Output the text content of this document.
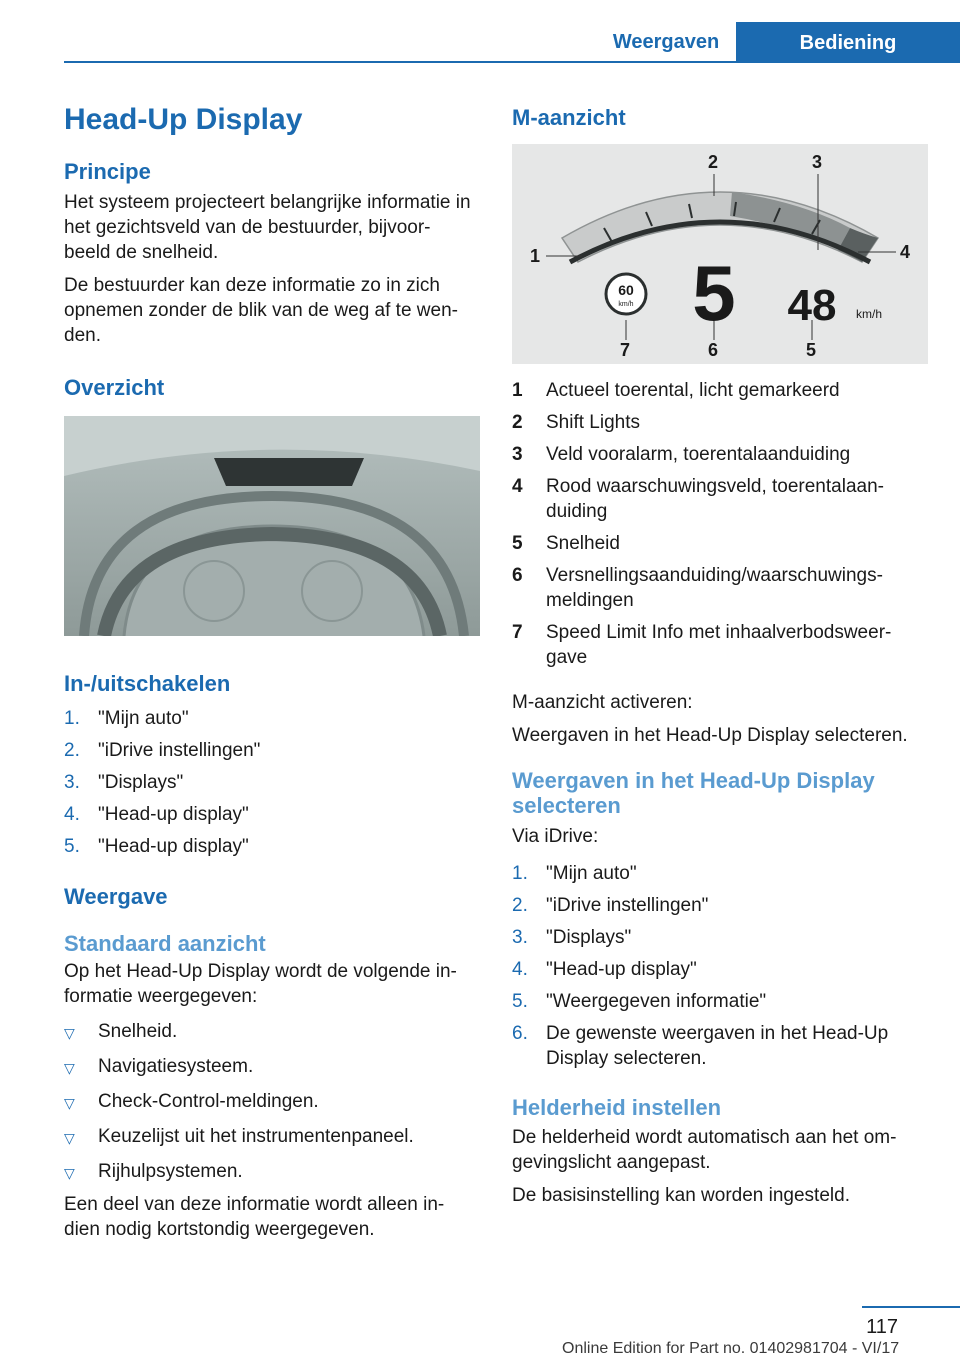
Weergaven	Bediening
Head-Up Display
Principe

Het systeem projecteert belangrijke informatie in het gezichtsveld van de bestuurder, bijvoor- beeld de snelheid.

De bestuurder kan deze informatie zo in zich opnemen zonder de blik van de weg af te wen- den.

Overzicht
In-/uitschakelen
1. "Mijn auto"
2. "iDrive instellingen"
3. "Displays"
4. "Head-up display"
5. "Head-up display"
Weergave
Standaard aanzicht

Op het Head-Up Display wordt de volgende in- formatie weergegeven:

▽	Snelheid.
▽	Navigatiesysteem.
▽	Check-Control-meldingen.
▽	Keuzelijst uit het instrumentenpaneel.
▽	Rijhulpsystemen.

Een deel van deze informatie wordt alleen in- dien nodig kortstondig weergegeven.

M-aanzicht
1	Actueel toerental, licht gemarkeerd
2	Shift Lights
3	Veld vooralarm, toerentalaanduiding
4	Rood waarschuwingsveld, toerentalaan- duiding
5	Snelheid
6	Versnellingsaanduiding/waarschuwings- meldingen
7	Speed Limit Info met inhaalverbodsweer- gave

M-aanzicht activeren:

Weergaven in het Head-Up Display selecteren.

Weergaven in het Head-Up Display selecteren

Via iDrive:

1. "Mijn auto"
2. "iDrive instellingen"
3. "Displays"
4. "Head-up display"
5. "Weergegeven informatie"
6. De gewenste weergaven in het Head-Up Display selecteren.
Helderheid instellen

De helderheid wordt automatisch aan het om- gevingslicht aangepast.

De basisinstelling kan worden ingesteld.

1
2	3
4
5
6
7
60
km/h 5 48 km/h
117
Online Edition for Part no. 01402981704 - VI/17
